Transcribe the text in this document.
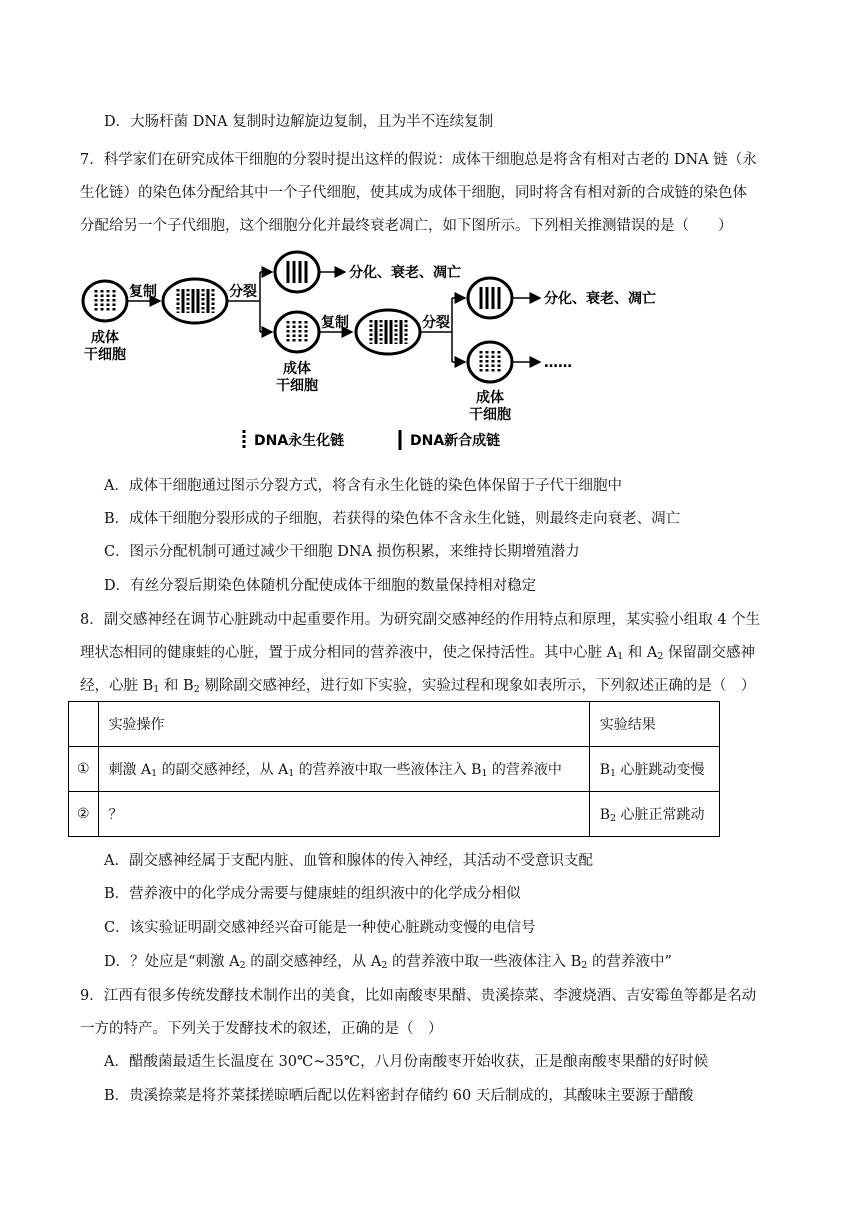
D．大肠杆菌 DNA 复制时边解旋边复制，且为半不连续复制
7．科学家们在研究成体干细胞的分裂时提出这样的假说：成体干细胞总是将含有相对古老的 DNA 链（永
生化链）的染色体分配给其中一个子代细胞，使其成为成体干细胞，同时将含有相对新的合成链的染色体
分配给另一个子代细胞，这个细胞分化并最终衰老凋亡，如下图所示。下列相关推测错误的是（　　）
成体
干细胞
复制	分裂
分化、衰老、凋亡
成体
干细胞
复制	分裂
分化、衰老、凋亡
……
成体
干细胞
DNA永生化链	DNA新合成链
A．成体干细胞通过图示分裂方式，将含有永生化链的染色体保留于子代干细胞中
B．成体干细胞分裂形成的子细胞，若获得的染色体不含永生化链，则最终走向衰老、凋亡
C．图示分配机制可通过减少干细胞 DNA 损伤积累，来维持长期增殖潜力
D．有丝分裂后期染色体随机分配使成体干细胞的数量保持相对稳定
8．副交感神经在调节心脏跳动中起重要作用。为研究副交感神经的作用特点和原理，某实验小组取 4 个生
理状态相同的健康蛙的心脏，置于成分相同的营养液中，使之保持活性。其中心脏 $A_1$ 和 $A_2$ 保留副交感神
经，心脏 $B_1$ 和 $B_2$ 剔除副交感神经，进行如下实验，实验过程和现象如表所示，下列叙述正确的是（　）
	实验操作	实验结果
①	刺激 $A_1$ 的副交感神经，从 $A_1$ 的营养液中取一些液体注入 $B_1$ 的营养液中	$B_1$ 心脏跳动变慢
②	？	$B_2$ 心脏正常跳动
A．副交感神经属于支配内脏、血管和腺体的传入神经，其活动不受意识支配
B．营养液中的化学成分需要与健康蛙的组织液中的化学成分相似
C．该实验证明副交感神经兴奋可能是一种使心脏跳动变慢的电信号
D．？处应是“刺激 $A_2$ 的副交感神经，从 $A_2$ 的营养液中取一些液体注入 $B_2$ 的营养液中”
9．江西有很多传统发酵技术制作出的美食，比如南酸枣果醋、贵溪捺菜、李渡烧酒、吉安霉鱼等都是名动
一方的特产。下列关于发酵技术的叙述，正确的是（　）
A．醋酸菌最适生长温度在 30℃~35℃，八月份南酸枣开始收获，正是酿南酸枣果醋的好时候
B．贵溪捺菜是将芥菜揉搓晾晒后配以佐料密封存储约 60 天后制成的，其酸味主要源于醋酸
